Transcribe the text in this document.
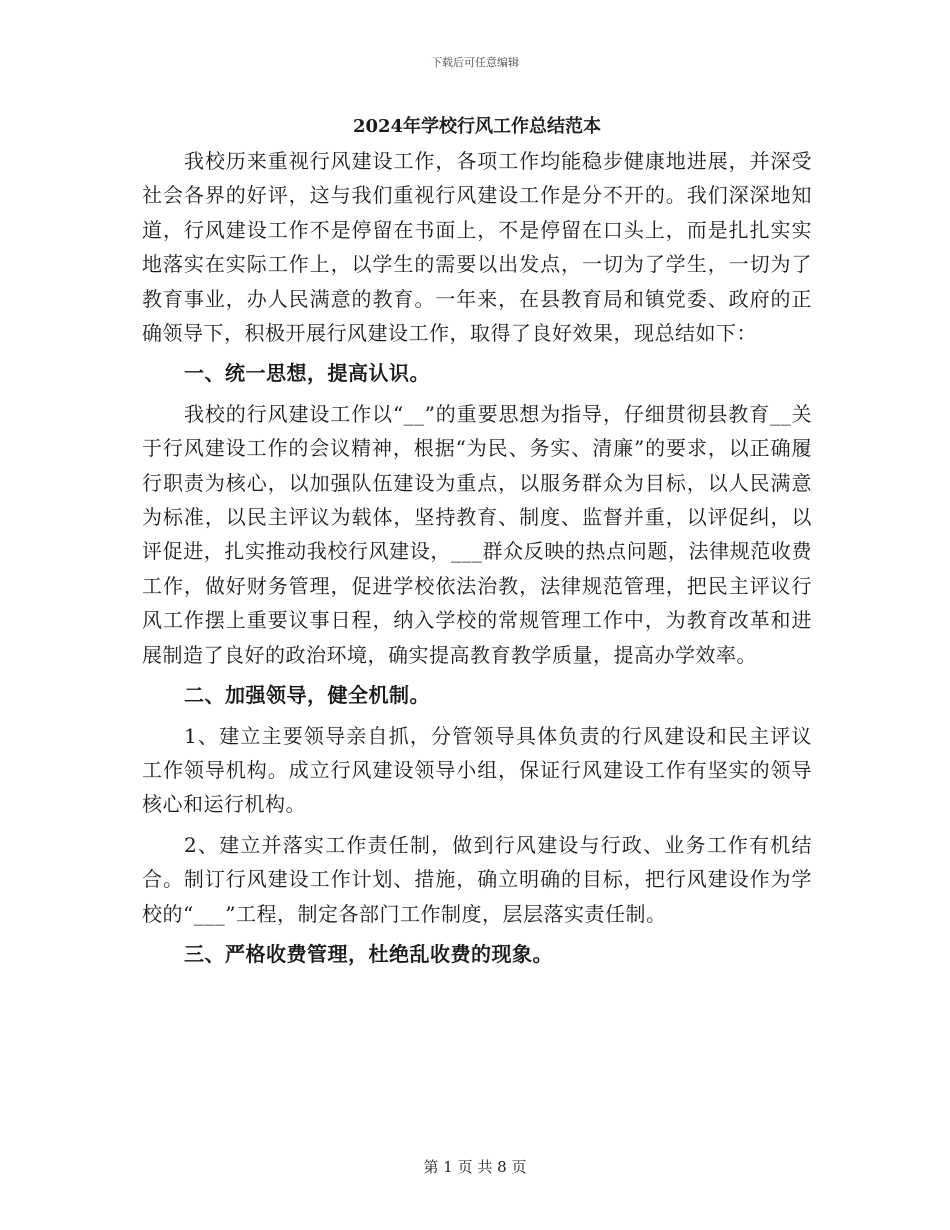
下载后可任意编辑
2024年学校行风工作总结范本

我校历来重视行风建设工作，各项工作均能稳步健康地进展，并深受社会各界的好评，这与我们重视行风建设工作是分不开的。我们深深地知道，行风建设工作不是停留在书面上，不是停留在口头上，而是扎扎实实地落实在实际工作上，以学生的需要以出发点，一切为了学生，一切为了教育事业，办人民满意的教育。一年来，在县教育局和镇党委、政府的正确领导下，积极开展行风建设工作，取得了良好效果，现总结如下：

一、统一思想，提高认识。

我校的行风建设工作以“__”的重要思想为指导，仔细贯彻县教育__关于行风建设工作的会议精神，根据“为民、务实、清廉”的要求，以正确履行职责为核心，以加强队伍建设为重点，以服务群众为目标，以人民满意为标准，以民主评议为载体，坚持教育、制度、监督并重，以评促纠，以评促进，扎实推动我校行风建设，___群众反映的热点问题，法律规范收费工作，做好财务管理，促进学校依法治教，法律规范管理，把民主评议行风工作摆上重要议事日程，纳入学校的常规管理工作中，为教育改革和进展制造了良好的政治环境，确实提高教育教学质量，提高办学效率。

二、加强领导，健全机制。

1、建立主要领导亲自抓，分管领导具体负责的行风建设和民主评议工作领导机构。成立行风建设领导小组，保证行风建设工作有坚实的领导核心和运行机构。

2、建立并落实工作责任制，做到行风建设与行政、业务工作有机结合。制订行风建设工作计划、措施，确立明确的目标，把行风建设作为学校的“___”工程，制定各部门工作制度，层层落实责任制。

三、严格收费管理，杜绝乱收费的现象。

第 1 页 共 8 页
